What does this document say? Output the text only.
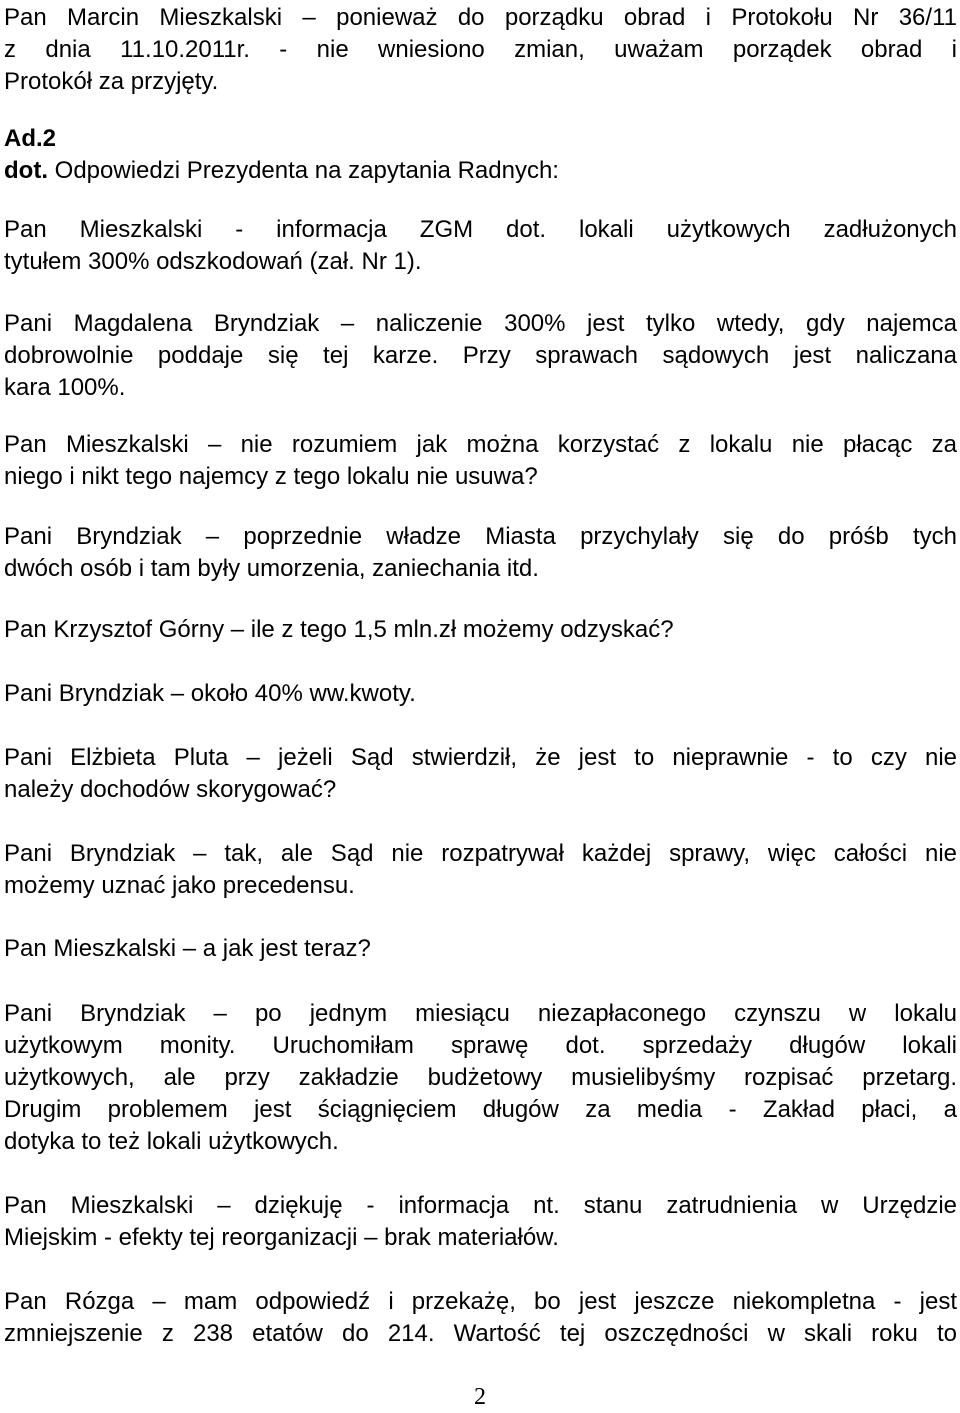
Pan Marcin Mieszkalski – ponieważ do porządku obrad i Protokołu Nr 36/11
z dnia 11.10.2011r. - nie wniesiono zmian, uważam porządek obrad i
Protokół za przyjęty.
Ad.2
dot. Odpowiedzi Prezydenta na zapytania Radnych:
Pan Mieszkalski - informacja ZGM dot. lokali użytkowych zadłużonych
tytułem 300% odszkodowań (zał. Nr 1).
Pani Magdalena Bryndziak – naliczenie 300% jest tylko wtedy, gdy najemca
dobrowolnie poddaje się tej karze. Przy sprawach sądowych jest naliczana
kara 100%.
Pan Mieszkalski – nie rozumiem jak można korzystać z lokalu nie płacąc za
niego i nikt tego najemcy z tego lokalu nie usuwa?
Pani Bryndziak – poprzednie władze Miasta przychylały się do próśb tych
dwóch osób i tam były umorzenia, zaniechania itd.
Pan Krzysztof Górny – ile z tego 1,5 mln.zł możemy odzyskać?
Pani Bryndziak – około 40% ww.kwoty.
Pani Elżbieta Pluta – jeżeli Sąd stwierdził, że jest to nieprawnie - to czy nie
należy dochodów skorygować?
Pani Bryndziak – tak, ale Sąd nie rozpatrywał każdej sprawy, więc całości nie
możemy uznać jako precedensu.
Pan Mieszkalski – a jak jest teraz?
Pani Bryndziak – po jednym miesiącu niezapłaconego czynszu w lokalu
użytkowym monity. Uruchomiłam sprawę dot. sprzedaży długów lokali
użytkowych, ale przy zakładzie budżetowy musielibyśmy rozpisać przetarg.
Drugim problemem jest ściągnięciem długów za media - Zakład płaci, a
dotyka to też lokali użytkowych.
Pan Mieszkalski – dziękuję - informacja nt. stanu zatrudnienia w Urzędzie
Miejskim - efekty tej reorganizacji – brak materiałów.
Pan Rózga – mam odpowiedź i przekażę, bo jest jeszcze niekompletna - jest
zmniejszenie z 238 etatów do 214. Wartość tej oszczędności w skali roku to
2
